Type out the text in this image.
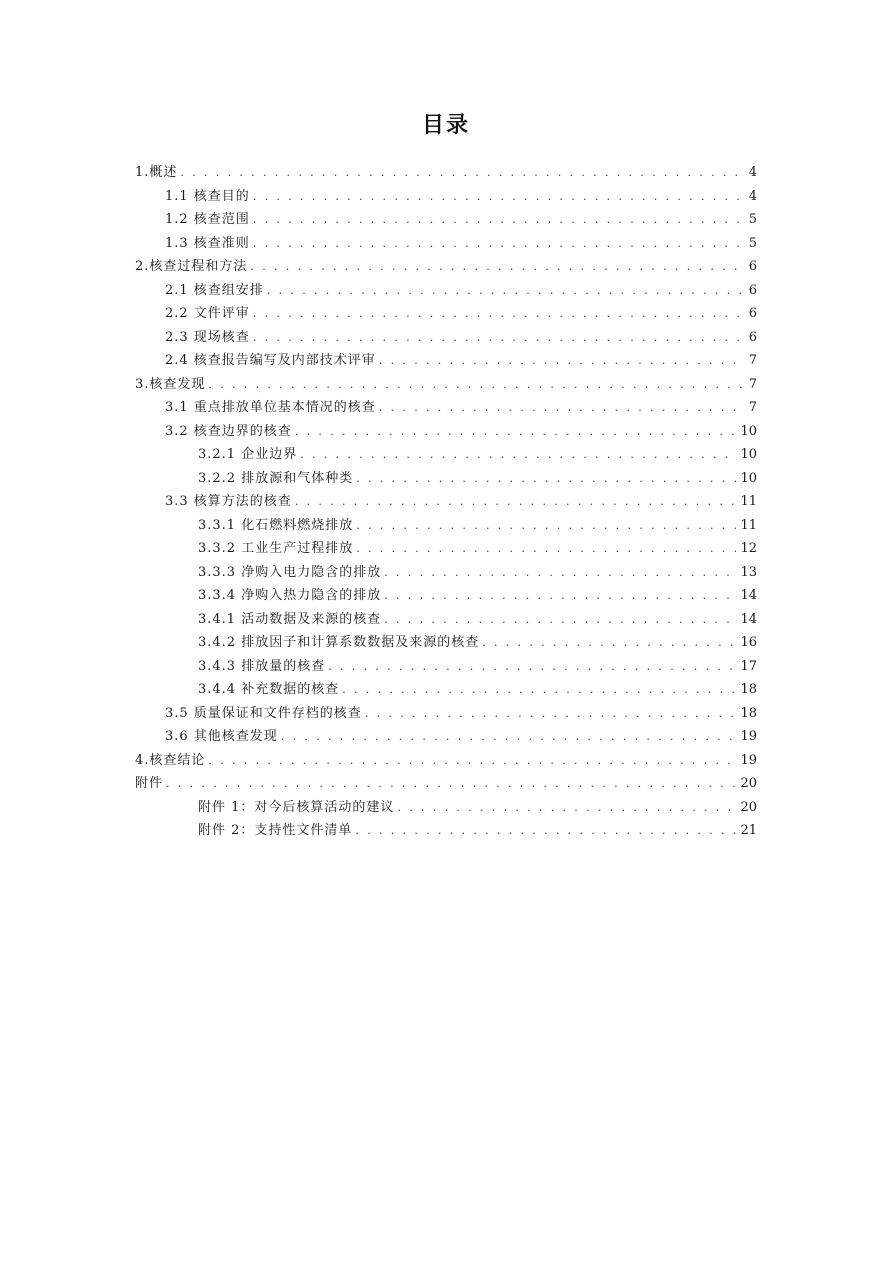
目录
1.概述 . . .	4
1.1 核查目的 . . .	4
1.2 核查范围 . . .	5
1.3 核查准则 . . .	5
2.核查过程和方法 . . .	6
2.1 核查组安排 . . .	6
2.2 文件评审 . . .	6
2.3 现场核查 . . .	6
2.4 核查报告编写及内部技术评审 . . .	7
3.核查发现 . . .	7
3.1 重点排放单位基本情况的核查 . . .	7
3.2 核查边界的核查 . . .	10
3.2.1 企业边界 . . .	10
3.2.2 排放源和气体种类 . . .	10
3.3 核算方法的核查 . . .	11
3.3.1 化石燃料燃烧排放 . . .	11
3.3.2 工业生产过程排放 . . .	12
3.3.3 净购入电力隐含的排放 . . .	13
3.3.4 净购入热力隐含的排放 . . .	14
3.4.1 活动数据及来源的核查 . . .	14
3.4.2 排放因子和计算系数数据及来源的核查 . . .	16
3.4.3 排放量的核查 . . .	17
3.4.4 补充数据的核查 . . .	18
3.5 质量保证和文件存档的核查 . . .	18
3.6 其他核查发现 . . .	19
4.核查结论 . . .	19
附件 . . .	20
附件 1：对今后核算活动的建议 . . .	20
附件 2：支持性文件清单 . . .	21
